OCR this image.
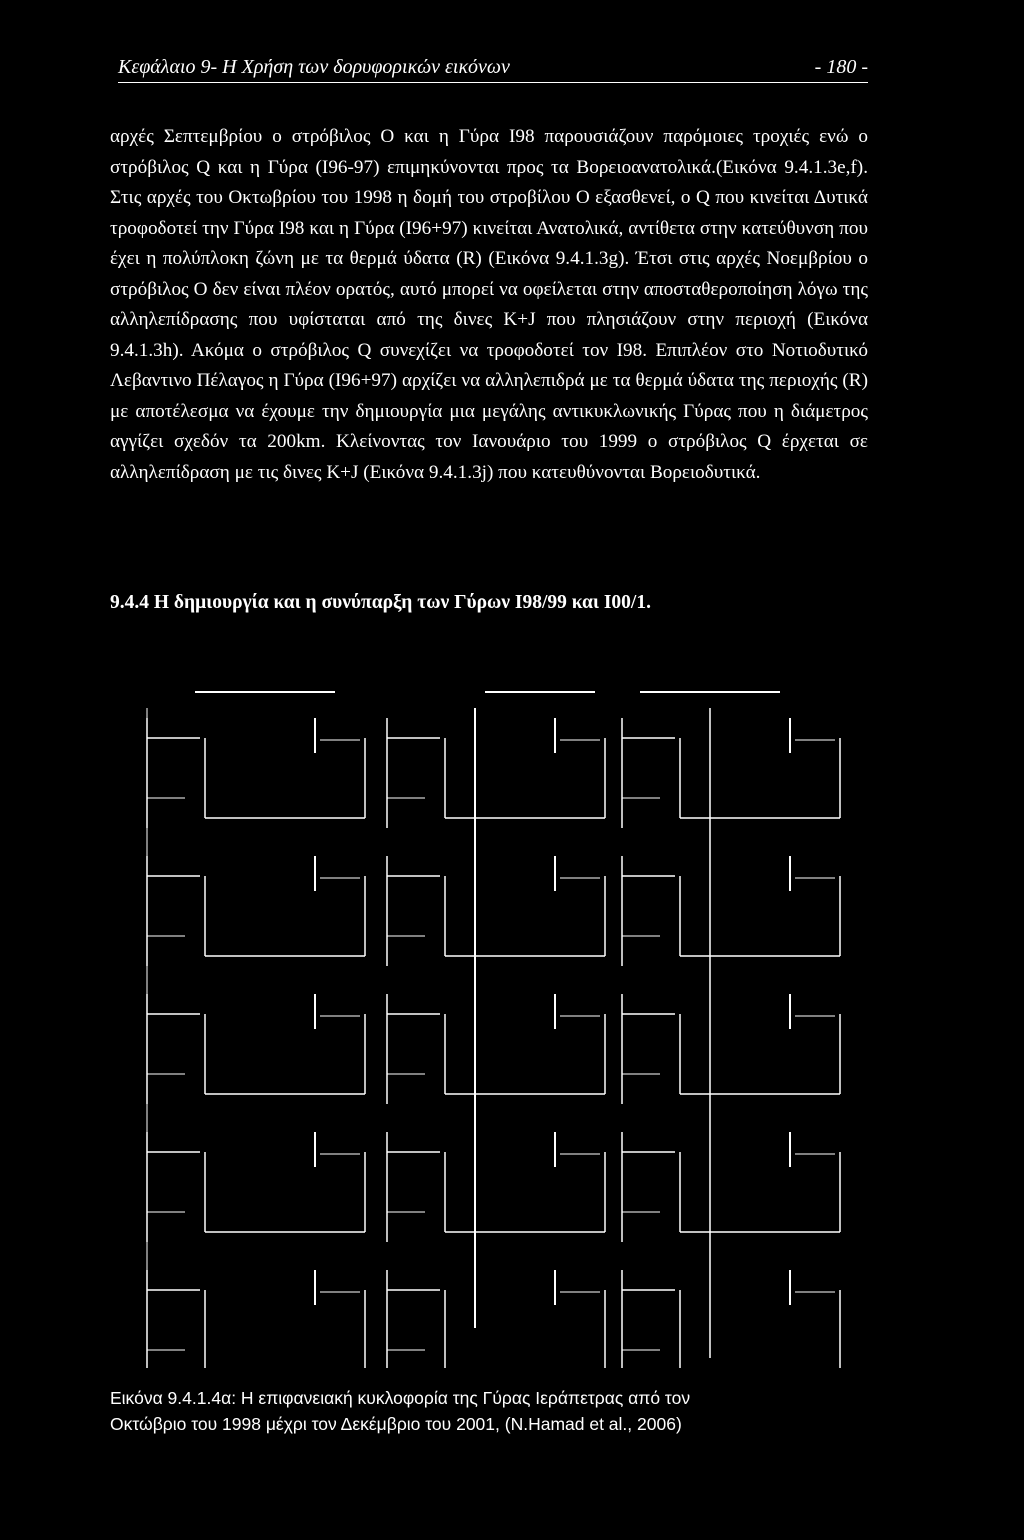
Κεφάλαιο 9- Η Χρήση των δορυφορικών εικόνων	- 180 -

αρχές Σεπτεμβρίου ο στρόβιλος Ο και η Γύρα Ι98 παρουσιάζουν παρόμοιες τροχιές ενώ ο στρόβιλος Q και η Γύρα (Ι96-97) επιμηκύνονται προς τα Βορειοανατολικά.(Εικόνα 9.4.1.3e,f). Στις αρχές του Οκτωβρίου του 1998 η δομή του στροβίλου Ο εξασθενεί, ο Q που κινείται Δυτικά τροφοδοτεί την Γύρα Ι98 και η Γύρα (Ι96+97) κινείται Ανατολικά, αντίθετα στην κατεύθυνση που έχει η πολύπλοκη ζώνη με τα θερμά ύδατα (R) (Εικόνα 9.4.1.3g). Έτσι στις αρχές Νοεμβρίου ο στρόβιλος Ο δεν είναι πλέον ορατός, αυτό μπορεί να οφείλεται στην αποσταθεροποίηση λόγω της αλληλεπίδρασης που υφίσταται από της δινες K+J που πλησιάζουν στην περιοχή (Εικόνα 9.4.1.3h). Ακόμα ο στρόβιλος Q συνεχίζει να τροφοδοτεί τον Ι98. Επιπλέον στο Νοτιοδυτικό Λεβαντινο Πέλαγος η Γύρα (Ι96+97) αρχίζει να αλληλεπιδρά με τα θερμά ύδατα της περιοχής (R) με αποτέλεσμα να έχουμε την δημιουργία μια μεγάλης αντικυκλωνικής Γύρας που η διάμετρος αγγίζει σχεδόν τα 200km. Κλείνοντας τον Ιανουάριο του 1999 ο στρόβιλος Q έρχεται σε αλληλεπίδραση με τις δινες K+J (Εικόνα 9.4.1.3j) που κατευθύνονται Βορειοδυτικά.

9.4.4 Η δημιουργία και η συνύπαρξη των Γύρων Ι98/99 και Ι00/1.

Εικόνα 9.4.1.4α: Η επιφανειακή κυκλοφορία της Γύρας Ιεράπετρας από τον

Οκτώβριο του 1998 μέχρι τον Δεκέμβριο του 2001, (N.Hamad et al., 2006)
